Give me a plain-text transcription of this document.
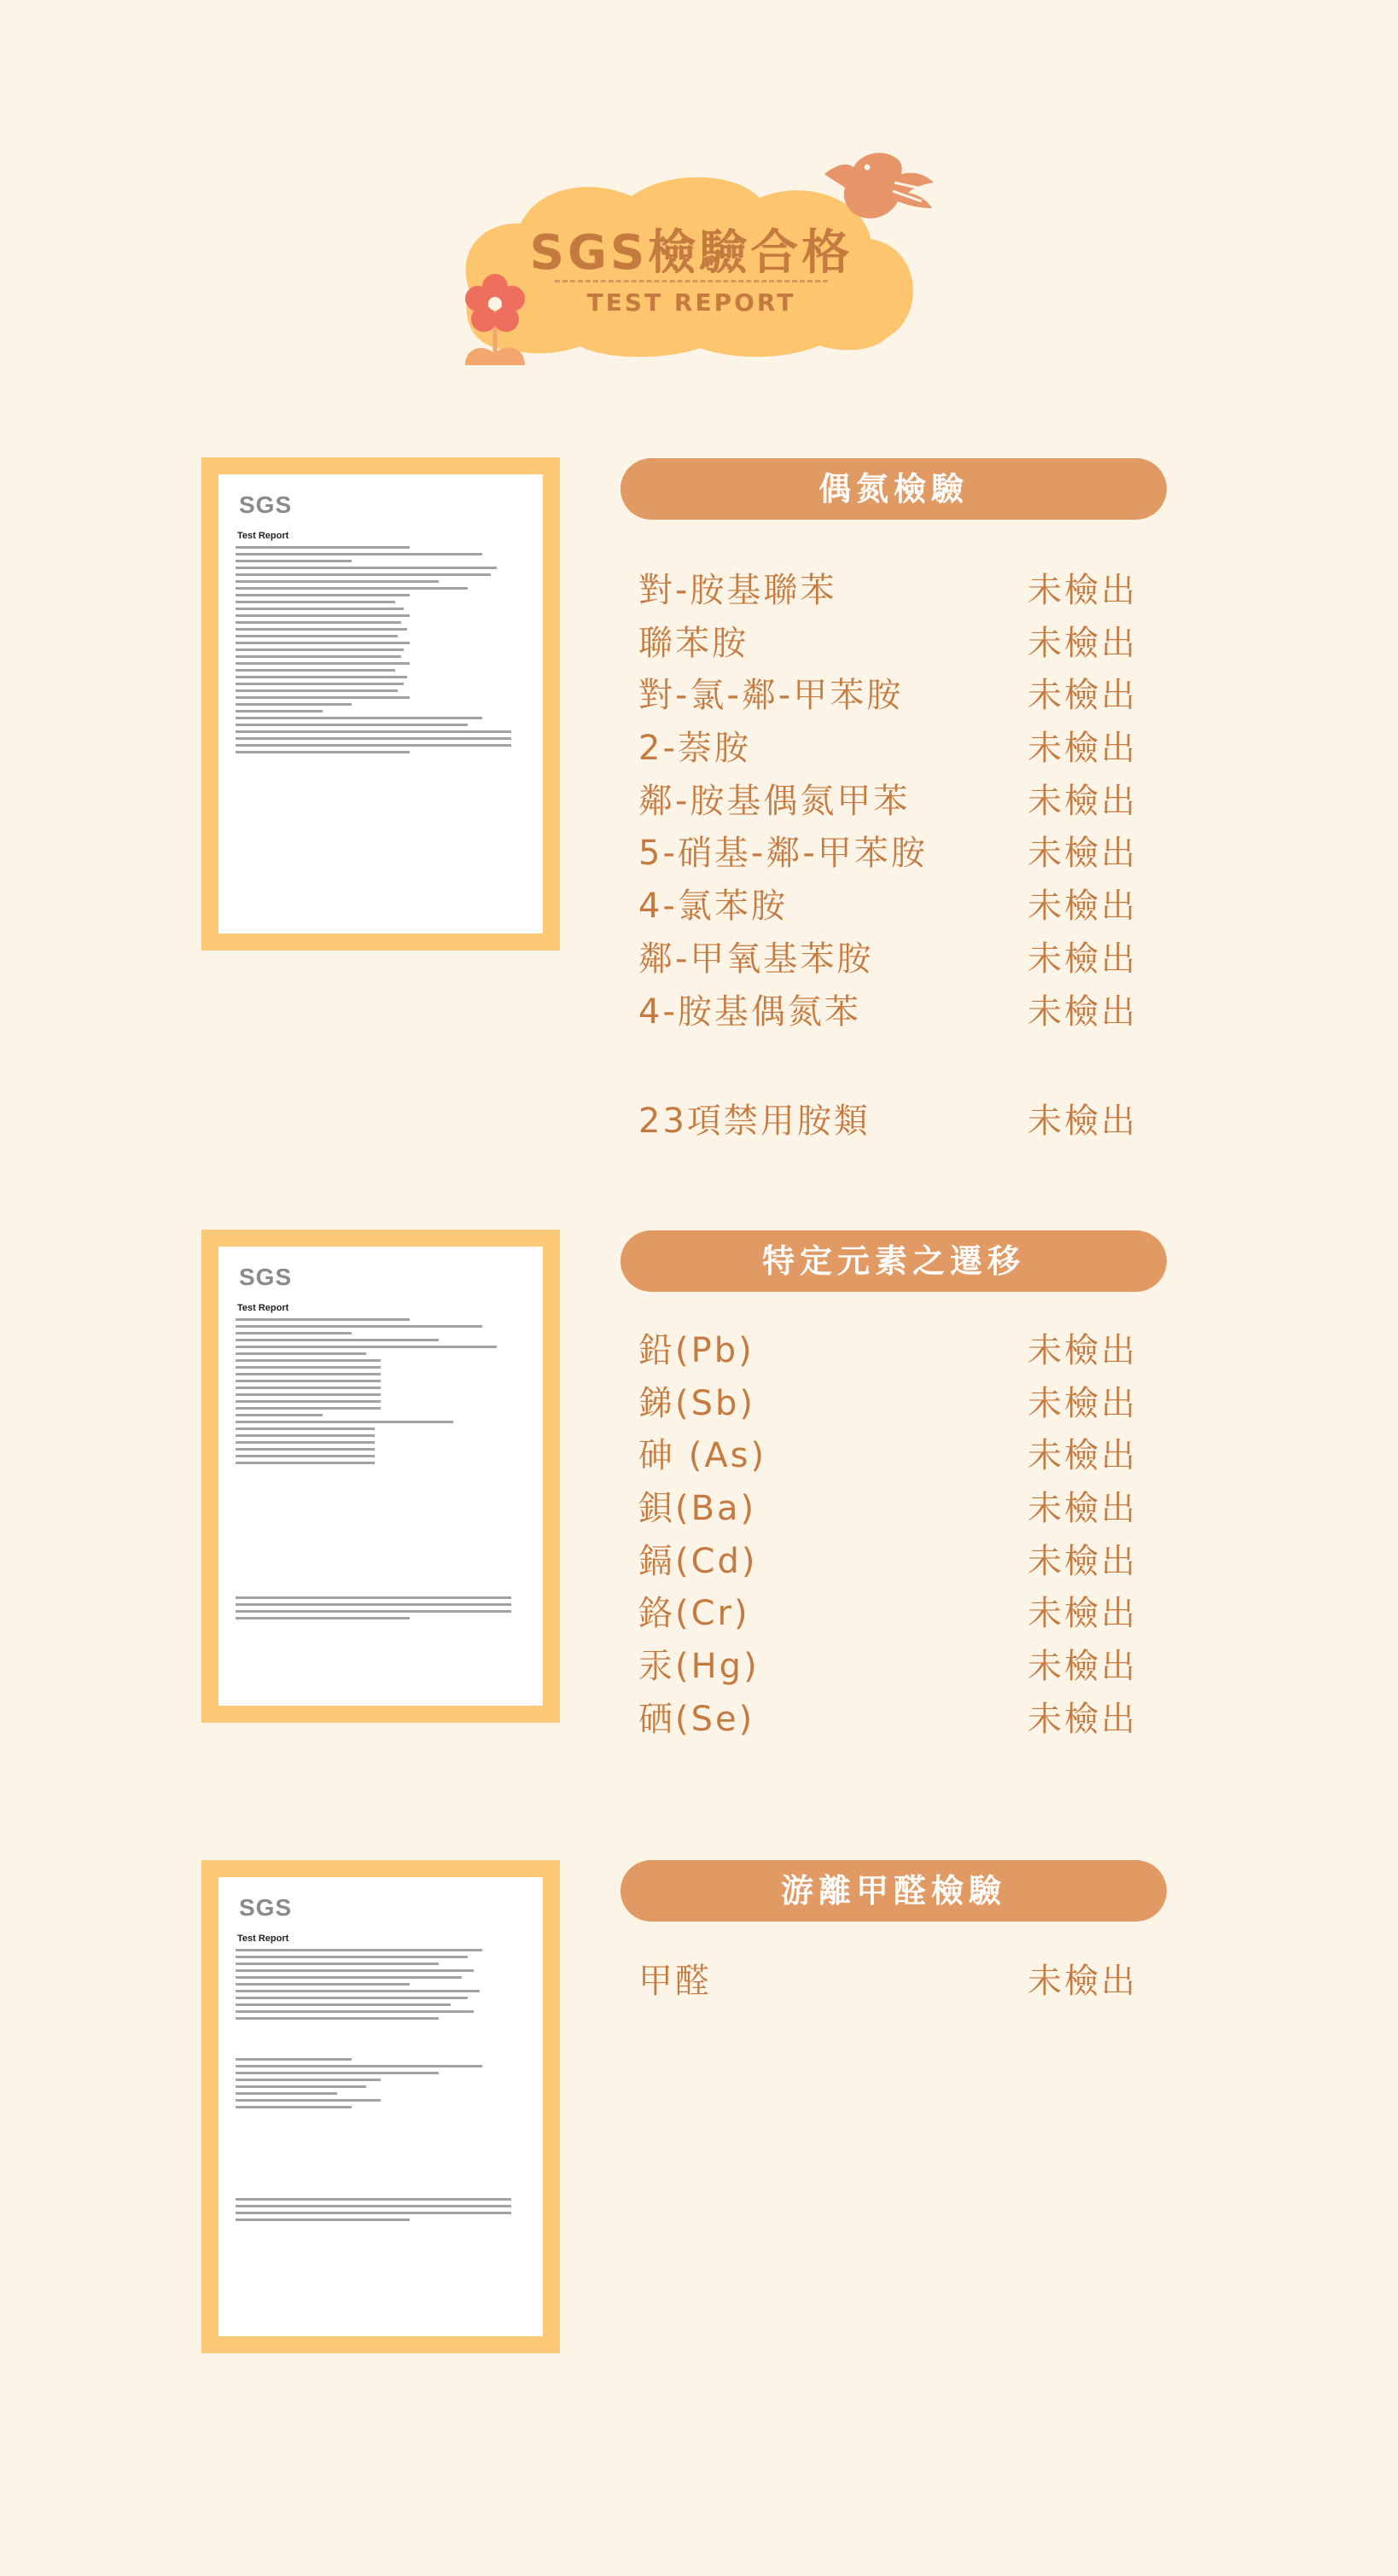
SGS檢驗合格
TEST REPORT
SGS
Test Report
SGS
Test Report
SGS
Test Report
偶氮檢驗
對-胺基聯苯	未檢出
聯苯胺	未檢出
對-氯-鄰-甲苯胺	未檢出
2-萘胺	未檢出
鄰-胺基偶氮甲苯	未檢出
5-硝基-鄰-甲苯胺	未檢出
4-氯苯胺	未檢出
鄰-甲氧基苯胺	未檢出
4-胺基偶氮苯	未檢出
23項禁用胺類	未檢出
特定元素之遷移
鉛(Pb)	未檢出
銻(Sb)	未檢出
砷 (As)	未檢出
鋇(Ba)	未檢出
鎘(Cd)	未檢出
鉻(Cr)	未檢出
汞(Hg)	未檢出
硒(Se)	未檢出
游離甲醛檢驗
甲醛	未檢出
